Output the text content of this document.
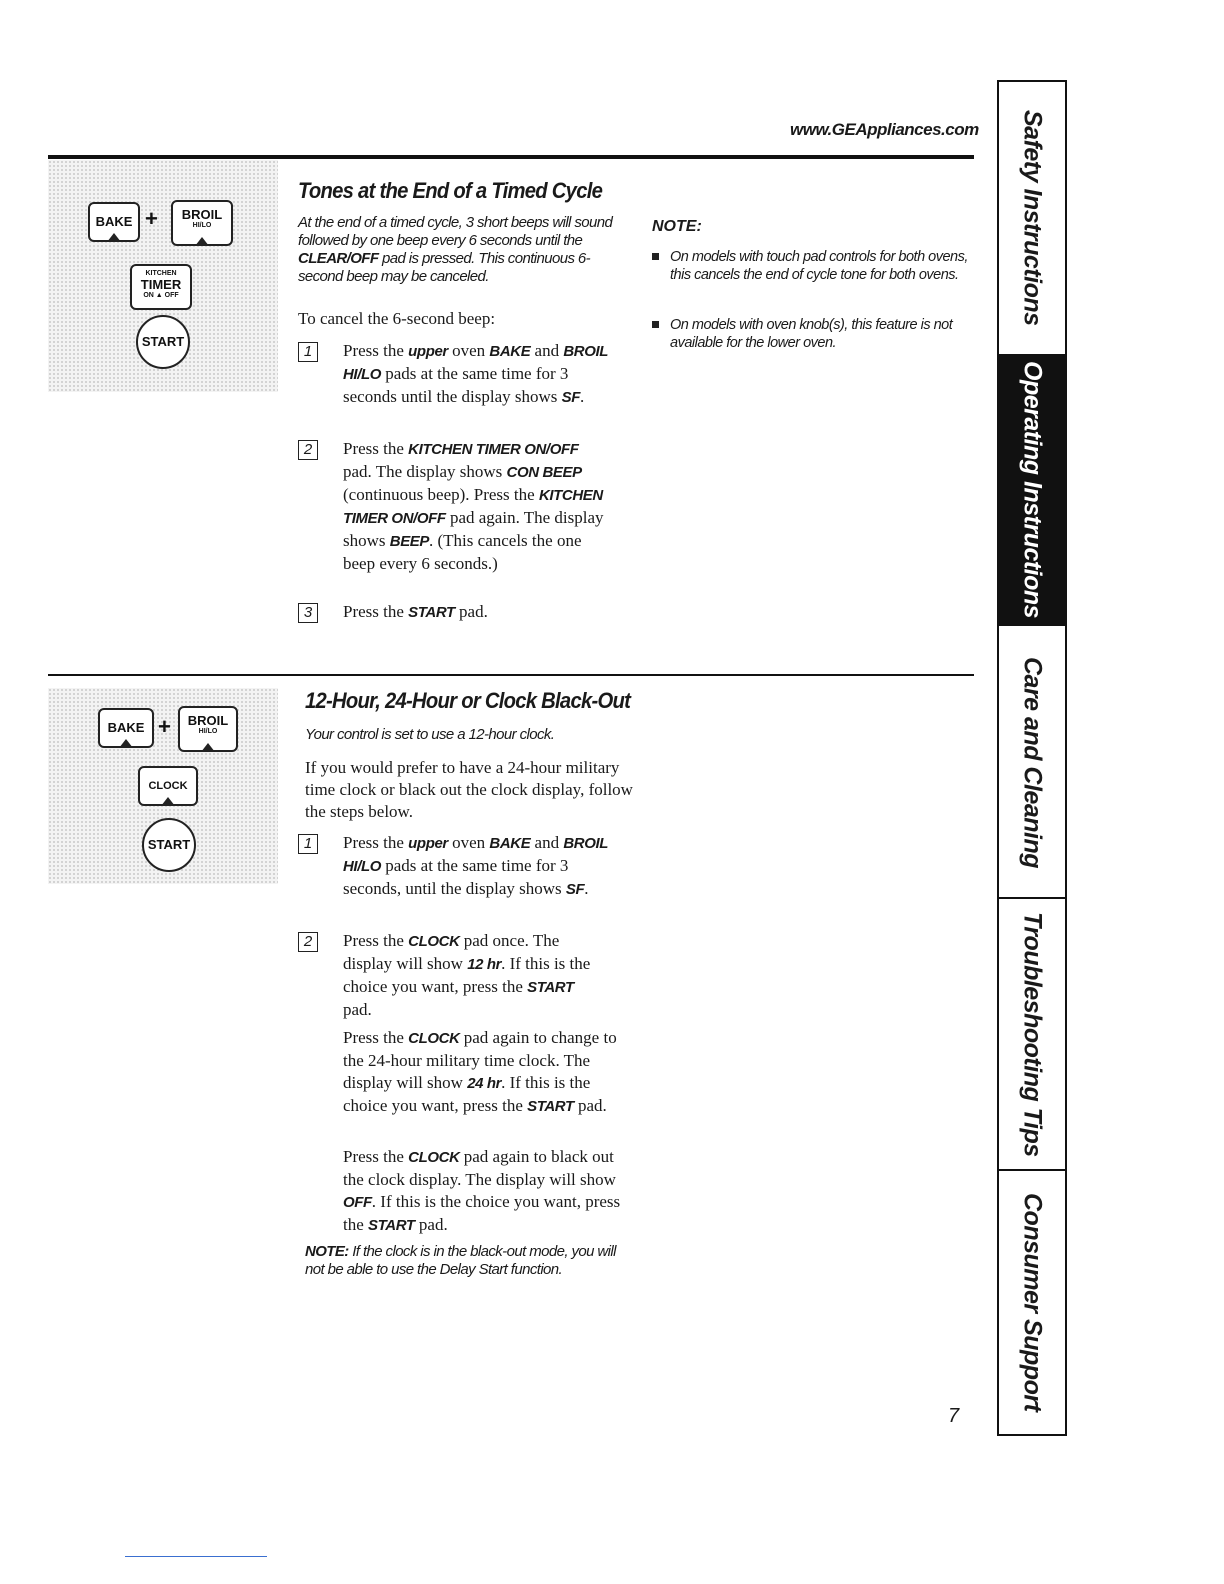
www.GEAppliances.com
BAKE +	BROIL
HI/LO
KITCHEN
TIMER
ON ▲ OFF
START
Tones at the End of a Timed Cycle
At the end of a timed cycle, 3 short beeps will sound followed by one beep every 6 seconds until the CLEAR/OFF pad is pressed. This continuous 6-second beep may be canceled.
To cancel the 6-second beep:
1	Press the upper oven BAKE and BROIL HI/LO pads at the same time for 3 seconds until the display shows SF.
2	Press the KITCHEN TIMER ON/OFF pad. The display shows CON BEEP (continuous beep). Press the KITCHEN TIMER ON/OFF pad again. The display shows BEEP. (This cancels the one beep every 6 seconds.)
3	Press the START pad.
NOTE:
On models with touch pad controls for both ovens, this cancels the end of cycle tone for both ovens.
On models with oven knob(s), this feature is not available for the lower oven.
BAKE +	BROIL
HI/LO
CLOCK
START
12-Hour, 24-Hour or Clock Black-Out
Your control is set to use a 12-hour clock.
If you would prefer to have a 24-hour military time clock or black out the clock display, follow the steps below.
1	Press the upper oven BAKE and BROIL HI/LO pads at the same time for 3 seconds, until the display shows SF.
2	Press the CLOCK pad once. The display will show 12 hr. If this is the choice you want, press the START pad.
Press the CLOCK pad again to change to the 24-hour military time clock. The display will show 24 hr. If this is the choice you want, press the START pad.
Press the CLOCK pad again to black out the clock display. The display will show OFF. If this is the choice you want, press the START pad.
NOTE: If the clock is in the black-out mode, you will not be able to use the Delay Start function.
Safety Instructions
Operating Instructions
Care and Cleaning
Troubleshooting Tips
Consumer Support
7
